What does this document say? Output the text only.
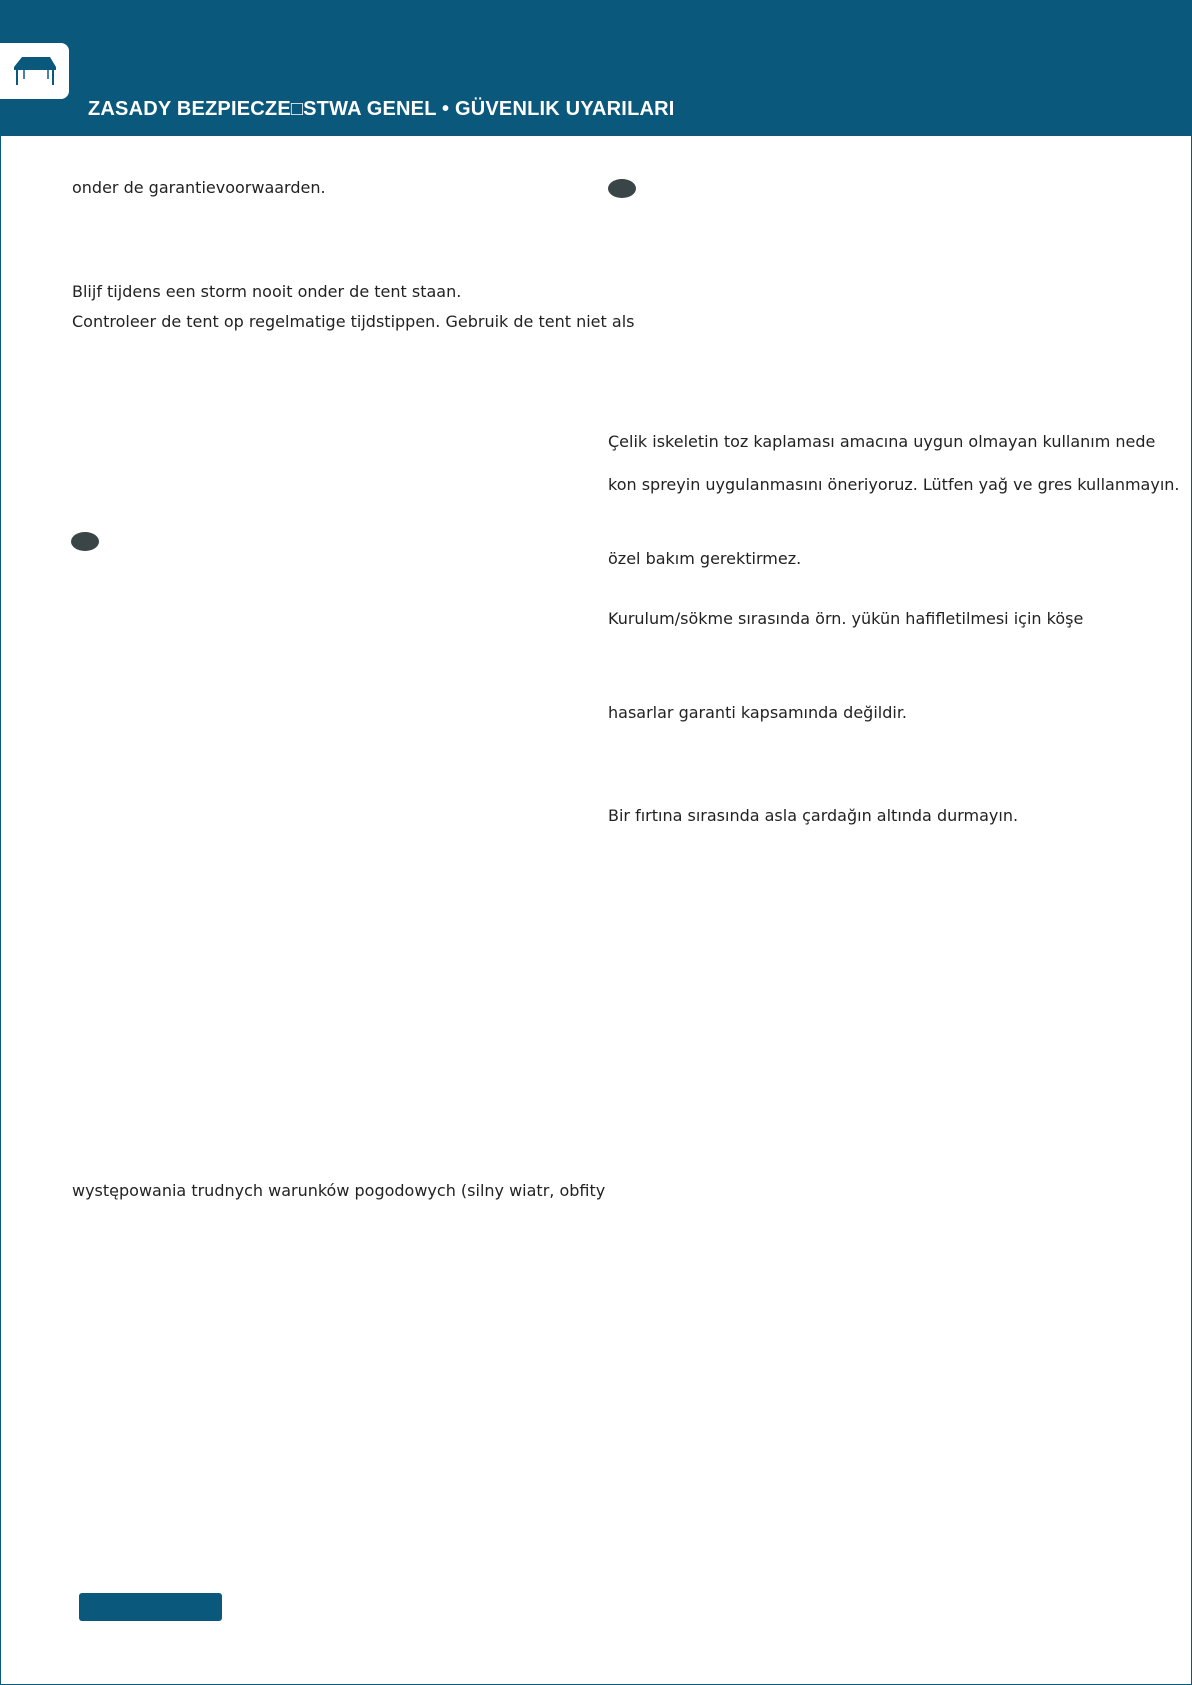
ZASADY BEZPIECZE□STWA GENEL • GÜVENLIK UYARILARI
onder de garantievoorwaarden.
Blijf tijdens een storm nooit onder de tent staan.
Controleer de tent op regelmatige tijdstippen. Gebruik de tent niet als
występowania trudnych warunków pogodowych (silny wiatr, obfity
Çelik iskeletin toz kaplaması amacına uygun olmayan kullanım nede
kon spreyin uygulanmasını öneriyoruz. Lütfen yağ ve gres kullanmayın.
özel bakım gerektirmez.
Kurulum/sökme sırasında örn. yükün hafifletilmesi için köşe
hasarlar garanti kapsamında değildir.
Bir fırtına sırasında asla çardağın altında durmayın.
